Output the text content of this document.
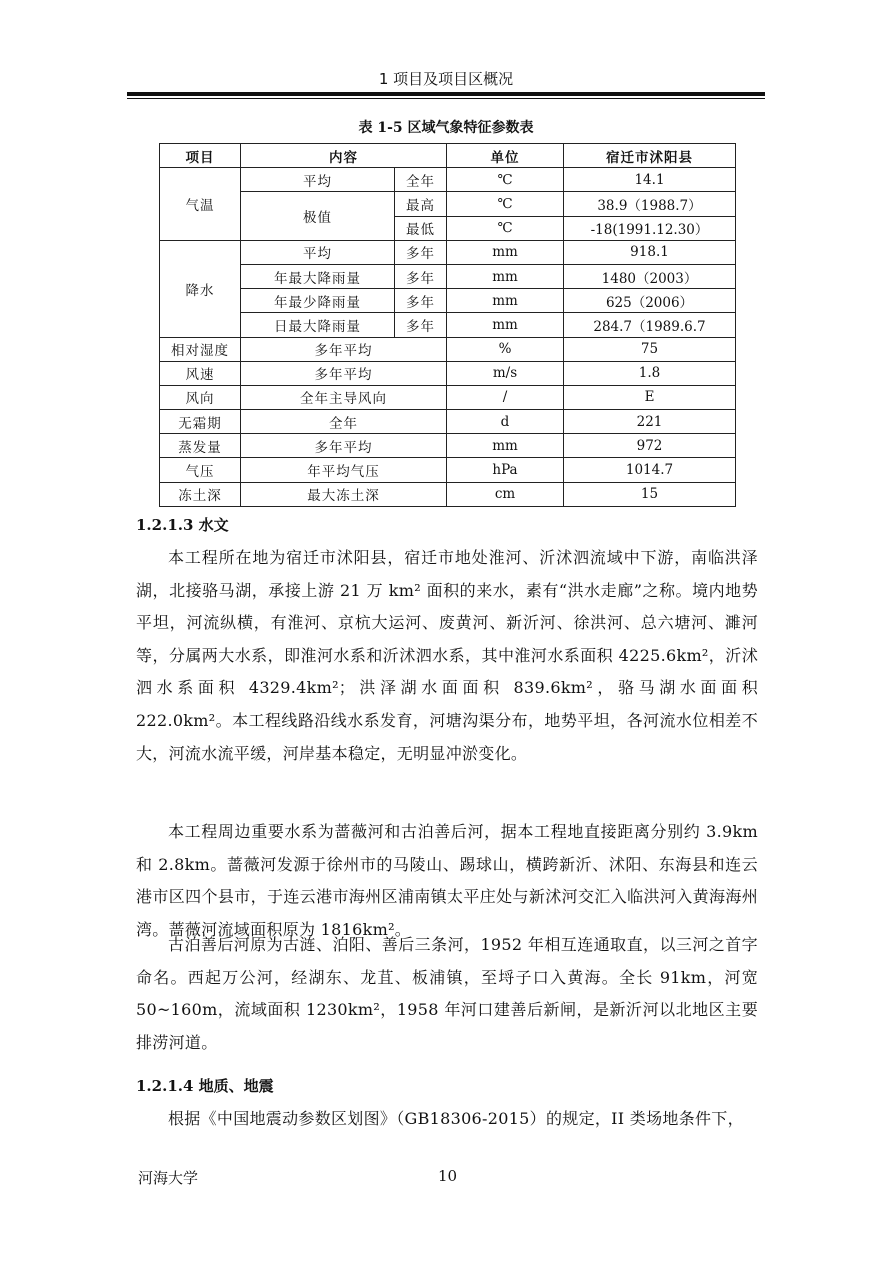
1 项目及项目区概况
表 1-5 区域气象特征参数表
项目	内容		单位	宿迁市沭阳县
气温	平均	全年	℃	14.1
	极值	最高	℃	38.9（1988.7）
		最低	℃	-18(1991.12.30）
降水	平均	多年	mm	918.1
	年最大降雨量	多年	mm	1480（2003）
	年最少降雨量	多年	mm	625（2006）
	日最大降雨量	多年	mm	284.7（1989.6.7
相对湿度	多年平均		%	75
风速	多年平均		m/s	1.8
风向	全年主导风向		/	E
无霜期	全年		d	221
蒸发量	多年平均		mm	972
气压	年平均气压		hPa	1014.7
冻土深	最大冻土深		cm	15
1.2.1.3 水文
本工程所在地为宿迁市沭阳县，宿迁市地处淮河、沂沭泗流域中下游，南临洪泽湖，北接骆马湖，承接上游 21 万 km² 面积的来水，素有“洪水走廊”之称。境内地势平坦，河流纵横，有淮河、京杭大运河、废黄河、新沂河、徐洪河、总六塘河、濉河等，分属两大水系，即淮河水系和沂沭泗水系，其中淮河水系面积 4225.6km²，沂沭泗水系面积 4329.4km²；洪泽湖水面面积 839.6km²，骆马湖水面面积 222.0km²。本工程线路沿线水系发育，河塘沟渠分布，地势平坦，各河流水位相差不大，河流水流平缓，河岸基本稳定，无明显冲淤变化。
本工程周边重要水系为蔷薇河和古泊善后河，据本工程地直接距离分别约 3.9km 和 2.8km。蔷薇河发源于徐州市的马陵山、踢球山，横跨新沂、沭阳、东海县和连云港市区四个县市，于连云港市海州区浦南镇太平庄处与新沭河交汇入临洪河入黄海海州湾。蔷薇河流域面积原为 1816km²。
古泊善后河原为古涟、泊阳、善后三条河，1952 年相互连通取直，以三河之首字命名。西起万公河，经湖东、龙苴、板浦镇，至埒子口入黄海。全长 91km，河宽 50~160m，流域面积 1230km²，1958 年河口建善后新闸，是新沂河以北地区主要排涝河道。
1.2.1.4 地质、地震
根据《中国地震动参数区划图》（GB18306-2015）的规定，II 类场地条件下，
河海大学	10
